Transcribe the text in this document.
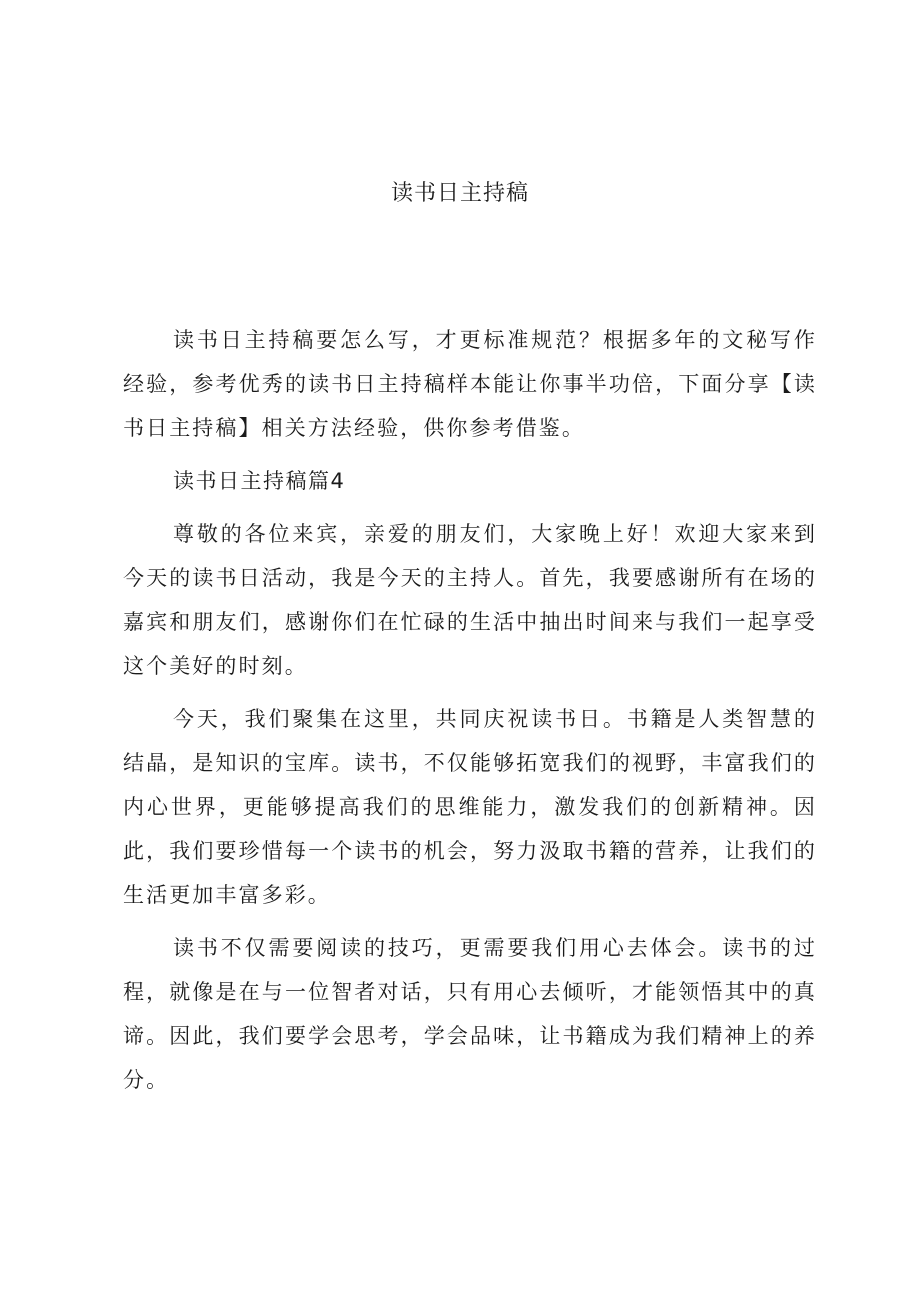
读书日主持稿

读书日主持稿要怎么写，才更标准规范？根据多年的文秘写作经验，参考优秀的读书日主持稿样本能让你事半功倍，下面分享【读书日主持稿】相关方法经验，供你参考借鉴。

读书日主持稿篇4

尊敬的各位来宾，亲爱的朋友们，大家晚上好！欢迎大家来到今天的读书日活动，我是今天的主持人。首先，我要感谢所有在场的嘉宾和朋友们，感谢你们在忙碌的生活中抽出时间来与我们一起享受这个美好的时刻。

今天，我们聚集在这里，共同庆祝读书日。书籍是人类智慧的结晶，是知识的宝库。读书，不仅能够拓宽我们的视野，丰富我们的内心世界，更能够提高我们的思维能力，激发我们的创新精神。因此，我们要珍惜每一个读书的机会，努力汲取书籍的营养，让我们的生活更加丰富多彩。

读书不仅需要阅读的技巧，更需要我们用心去体会。读书的过程，就像是在与一位智者对话，只有用心去倾听，才能领悟其中的真谛。因此，我们要学会思考，学会品味，让书籍成为我们精神上的养分。
